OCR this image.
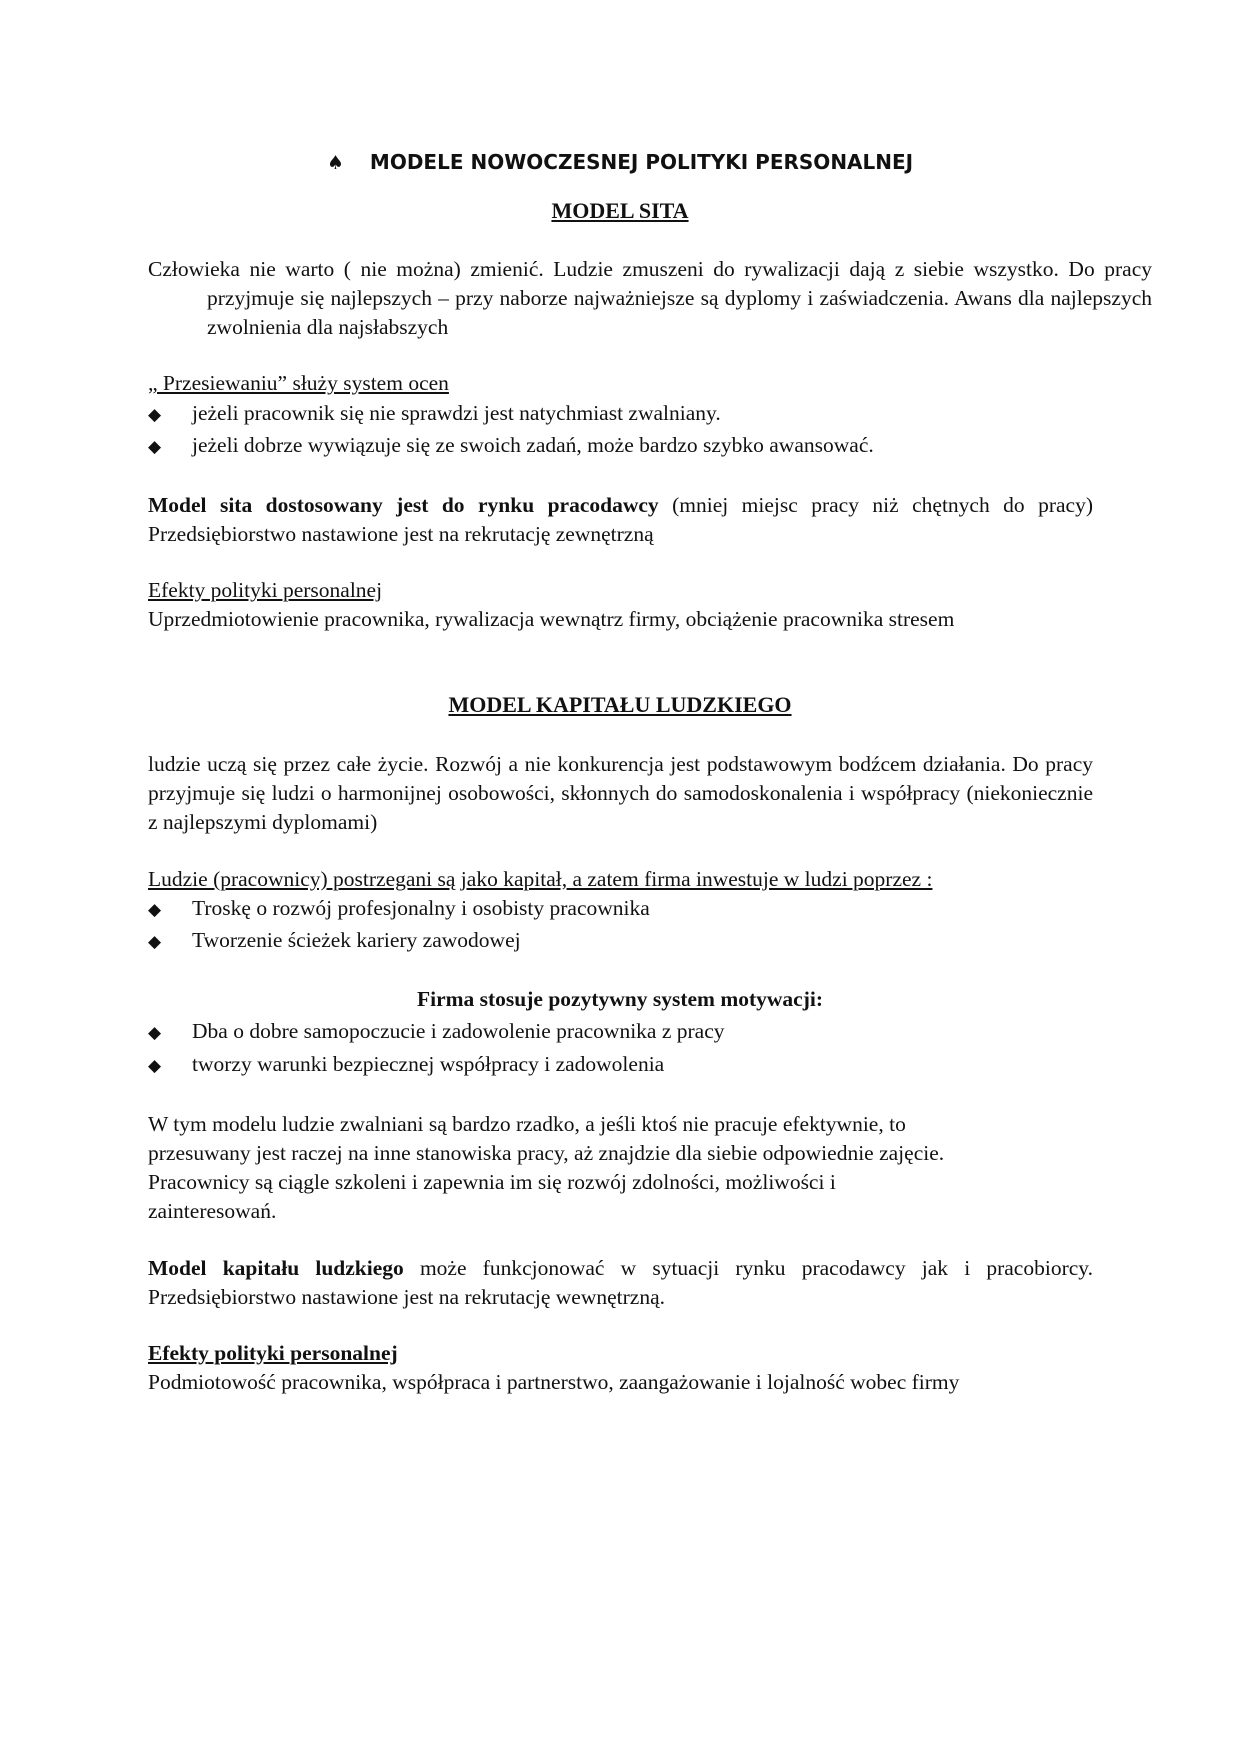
♠ MODELE NOWOCZESNEJ POLITYKI PERSONALNEJ
MODEL SITA
Człowieka nie warto ( nie można) zmienić. Ludzie zmuszeni do rywalizacji dają z siebie wszystko. Do pracy przyjmuje się najlepszych – przy naborze najważniejsze są dyplomy i zaświadczenia. Awans dla najlepszych zwolnienia dla najsłabszych
„ Przesiewaniu” służy system ocen
◆ jeżeli pracownik się nie sprawdzi jest natychmiast zwalniany.
◆ jeżeli dobrze wywiązuje się ze swoich zadań, może bardzo szybko awansować.
Model sita dostosowany jest do rynku pracodawcy (mniej miejsc pracy niż chętnych do pracy) Przedsiębiorstwo nastawione jest na rekrutację zewnętrzną
Efekty polityki personalnej
Uprzedmiotowienie pracownika, rywalizacja wewnątrz firmy, obciążenie pracownika stresem
MODEL KAPITAŁU LUDZKIEGO
ludzie uczą się przez całe życie. Rozwój a nie konkurencja jest podstawowym bodźcem działania. Do pracy przyjmuje się ludzi o harmonijnej osobowości, skłonnych do samodoskonalenia i współpracy (niekoniecznie z najlepszymi dyplomami)
Ludzie (pracownicy) postrzegani są jako kapitał, a zatem firma inwestuje w ludzi poprzez :
◆ Troskę o rozwój profesjonalny i osobisty pracownika
◆ Tworzenie ścieżek kariery zawodowej
Firma stosuje pozytywny system motywacji:
◆ Dba o dobre samopoczucie i zadowolenie pracownika z pracy
◆ tworzy warunki bezpiecznej współpracy i zadowolenia
W tym modelu ludzie zwalniani są bardzo rzadko, a jeśli ktoś nie pracuje efektywnie, to
przesuwany jest raczej na inne stanowiska pracy, aż znajdzie dla siebie odpowiednie zajęcie.
Pracownicy są ciągle szkoleni i zapewnia im się rozwój zdolności, możliwości i
zainteresowań.
Model kapitału ludzkiego może funkcjonować w sytuacji rynku pracodawcy jak i pracobiorcy. Przedsiębiorstwo nastawione jest na rekrutację wewnętrzną.
Efekty polityki personalnej
Podmiotowość pracownika, współpraca i partnerstwo, zaangażowanie i lojalność wobec firmy
